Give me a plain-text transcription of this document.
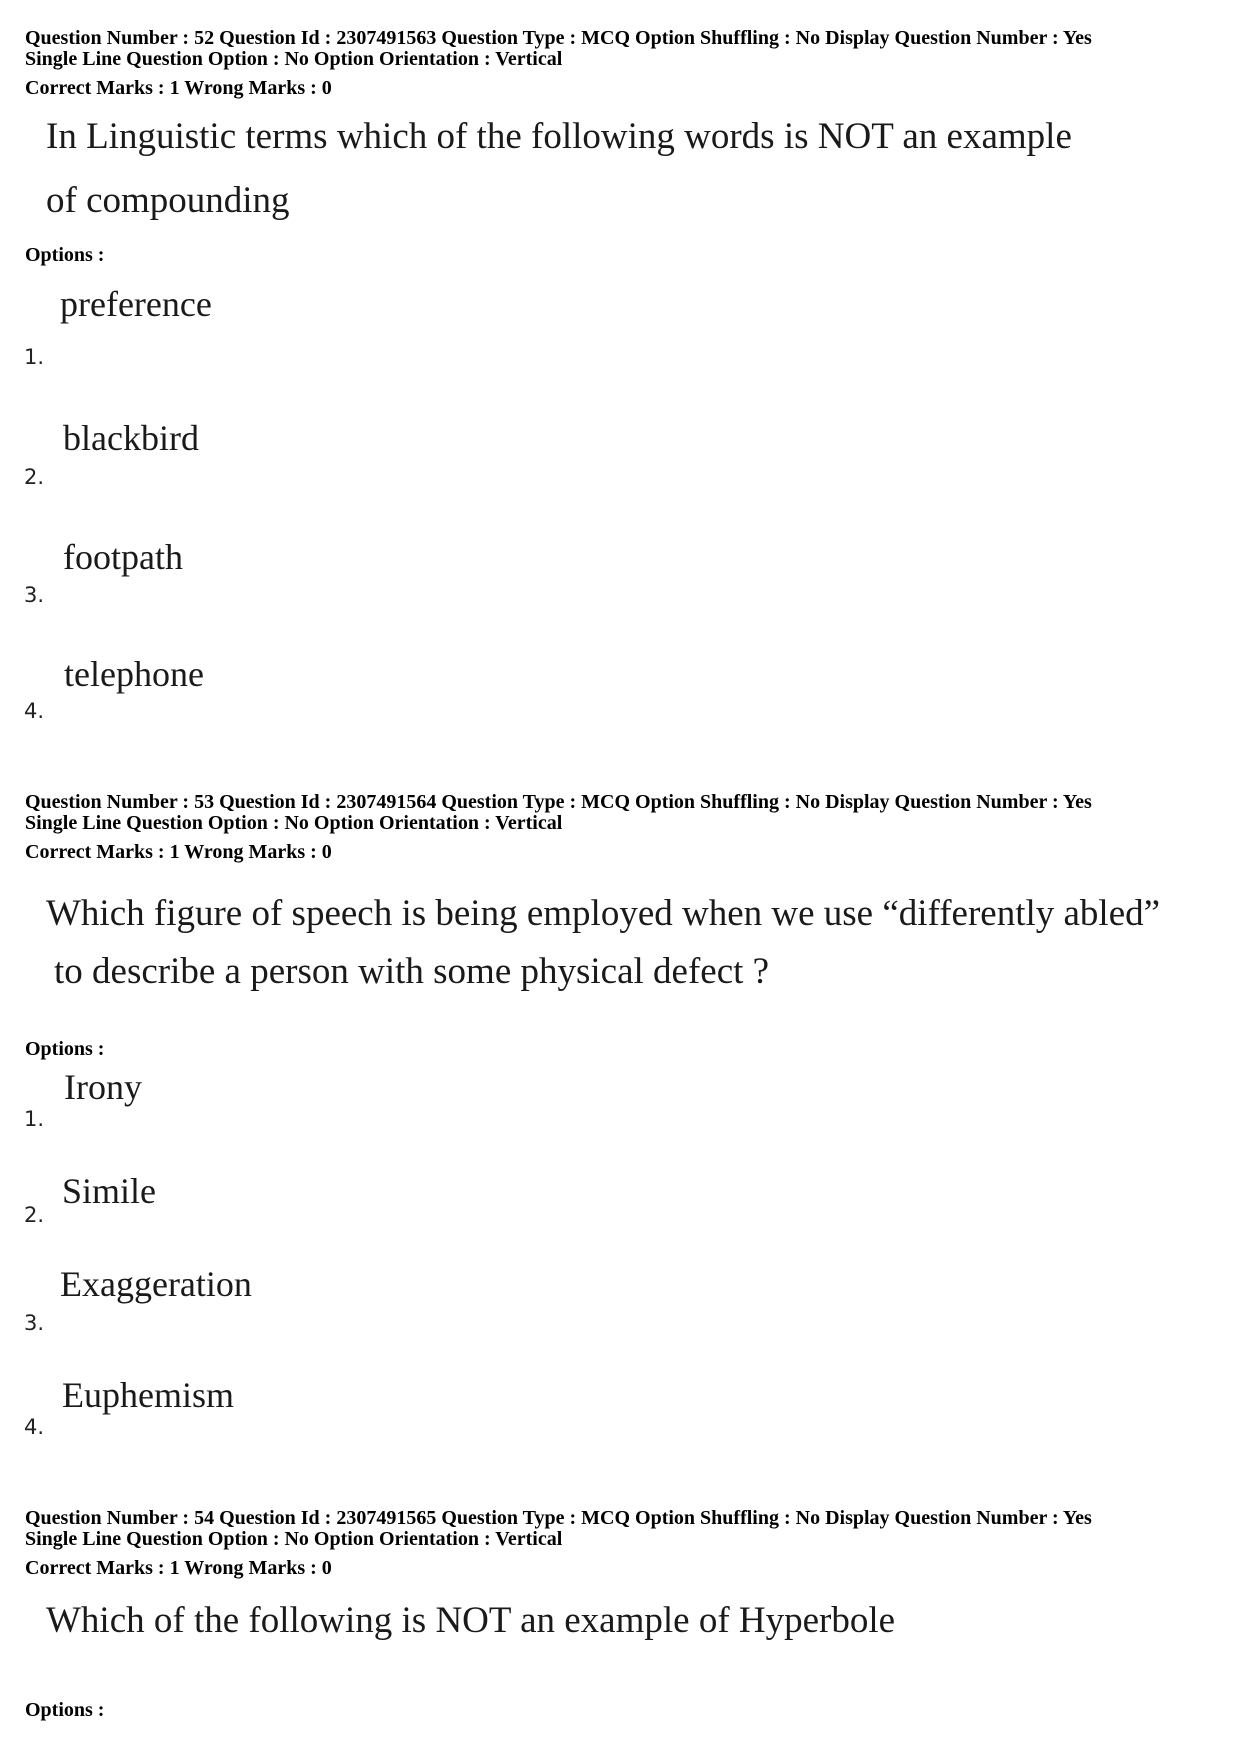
Question Number : 52 Question Id : 2307491563 Question Type : MCQ Option Shuffling : No Display Question Number : Yes
Single Line Question Option : No Option Orientation : Vertical
Correct Marks : 1 Wrong Marks : 0
In Linguistic terms which of the following words is NOT an example
of compounding
Options :
preference
1.
blackbird
2.
footpath
3.
telephone
4.
Question Number : 53 Question Id : 2307491564 Question Type : MCQ Option Shuffling : No Display Question Number : Yes
Single Line Question Option : No Option Orientation : Vertical
Correct Marks : 1 Wrong Marks : 0
Which figure of speech is being employed when we use “differently abled”
to describe a person with some physical defect ?
Options :
Irony
1.
Simile
2.
Exaggeration
3.
Euphemism
4.
Question Number : 54 Question Id : 2307491565 Question Type : MCQ Option Shuffling : No Display Question Number : Yes
Single Line Question Option : No Option Orientation : Vertical
Correct Marks : 1 Wrong Marks : 0
Which of the following is NOT an example of Hyperbole
Options :
